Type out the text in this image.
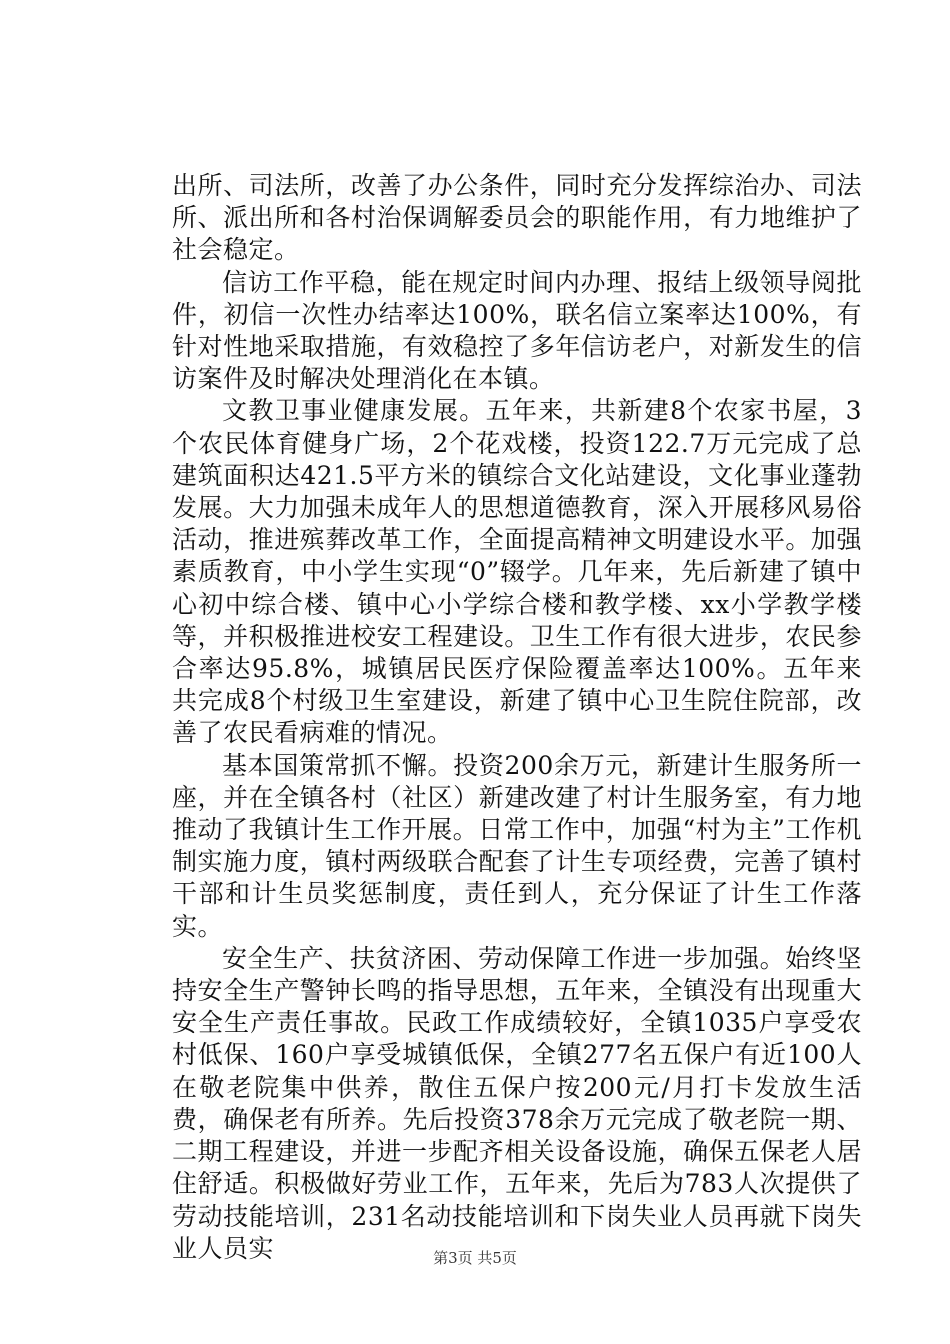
出所、司法所，改善了办公条件，同时充分发挥综治办、司法所、派出所和各村治保调解委员会的职能作用，有力地维护了社会稳定。

信访工作平稳，能在规定时间内办理、报结上级领导阅批件，初信一次性办结率达100%，联名信立案率达100%，有针对性地采取措施，有效稳控了多年信访老户，对新发生的信访案件及时解决处理消化在本镇。

文教卫事业健康发展。五年来，共新建8个农家书屋，3个农民体育健身广场，2个花戏楼，投资122.7万元完成了总建筑面积达421.5平方米的镇综合文化站建设，文化事业蓬勃发展。大力加强未成年人的思想道德教育，深入开展移风易俗活动，推进殡葬改革工作，全面提高精神文明建设水平。加强素质教育，中小学生实现“0”辍学。几年来，先后新建了镇中心初中综合楼、镇中心小学综合楼和教学楼、xx小学教学楼等，并积极推进校安工程建设。卫生工作有很大进步，农民参合率达95.8%，城镇居民医疗保险覆盖率达100%。五年来共完成8个村级卫生室建设，新建了镇中心卫生院住院部，改善了农民看病难的情况。

基本国策常抓不懈。投资200余万元，新建计生服务所一座，并在全镇各村（社区）新建改建了村计生服务室，有力地推动了我镇计生工作开展。日常工作中，加强“村为主”工作机制实施力度，镇村两级联合配套了计生专项经费，完善了镇村干部和计生员奖惩制度，责任到人，充分保证了计生工作落实。

安全生产、扶贫济困、劳动保障工作进一步加强。始终坚持安全生产警钟长鸣的指导思想，五年来，全镇没有出现重大安全生产责任事故。民政工作成绩较好，全镇1035户享受农村低保、160户享受城镇低保，全镇277名五保户有近100人在敬老院集中供养，散住五保户按200元/月打卡发放生活费，确保老有所养。先后投资378余万元完成了敬老院一期、二期工程建设，并进一步配齐相关设备设施，确保五保老人居住舒适。积极做好劳业工作，五年来，先后为783人次提供了劳动技能培训，231名动技能培训和下岗失业人员再就下岗失业人员实	第3页 共5页
